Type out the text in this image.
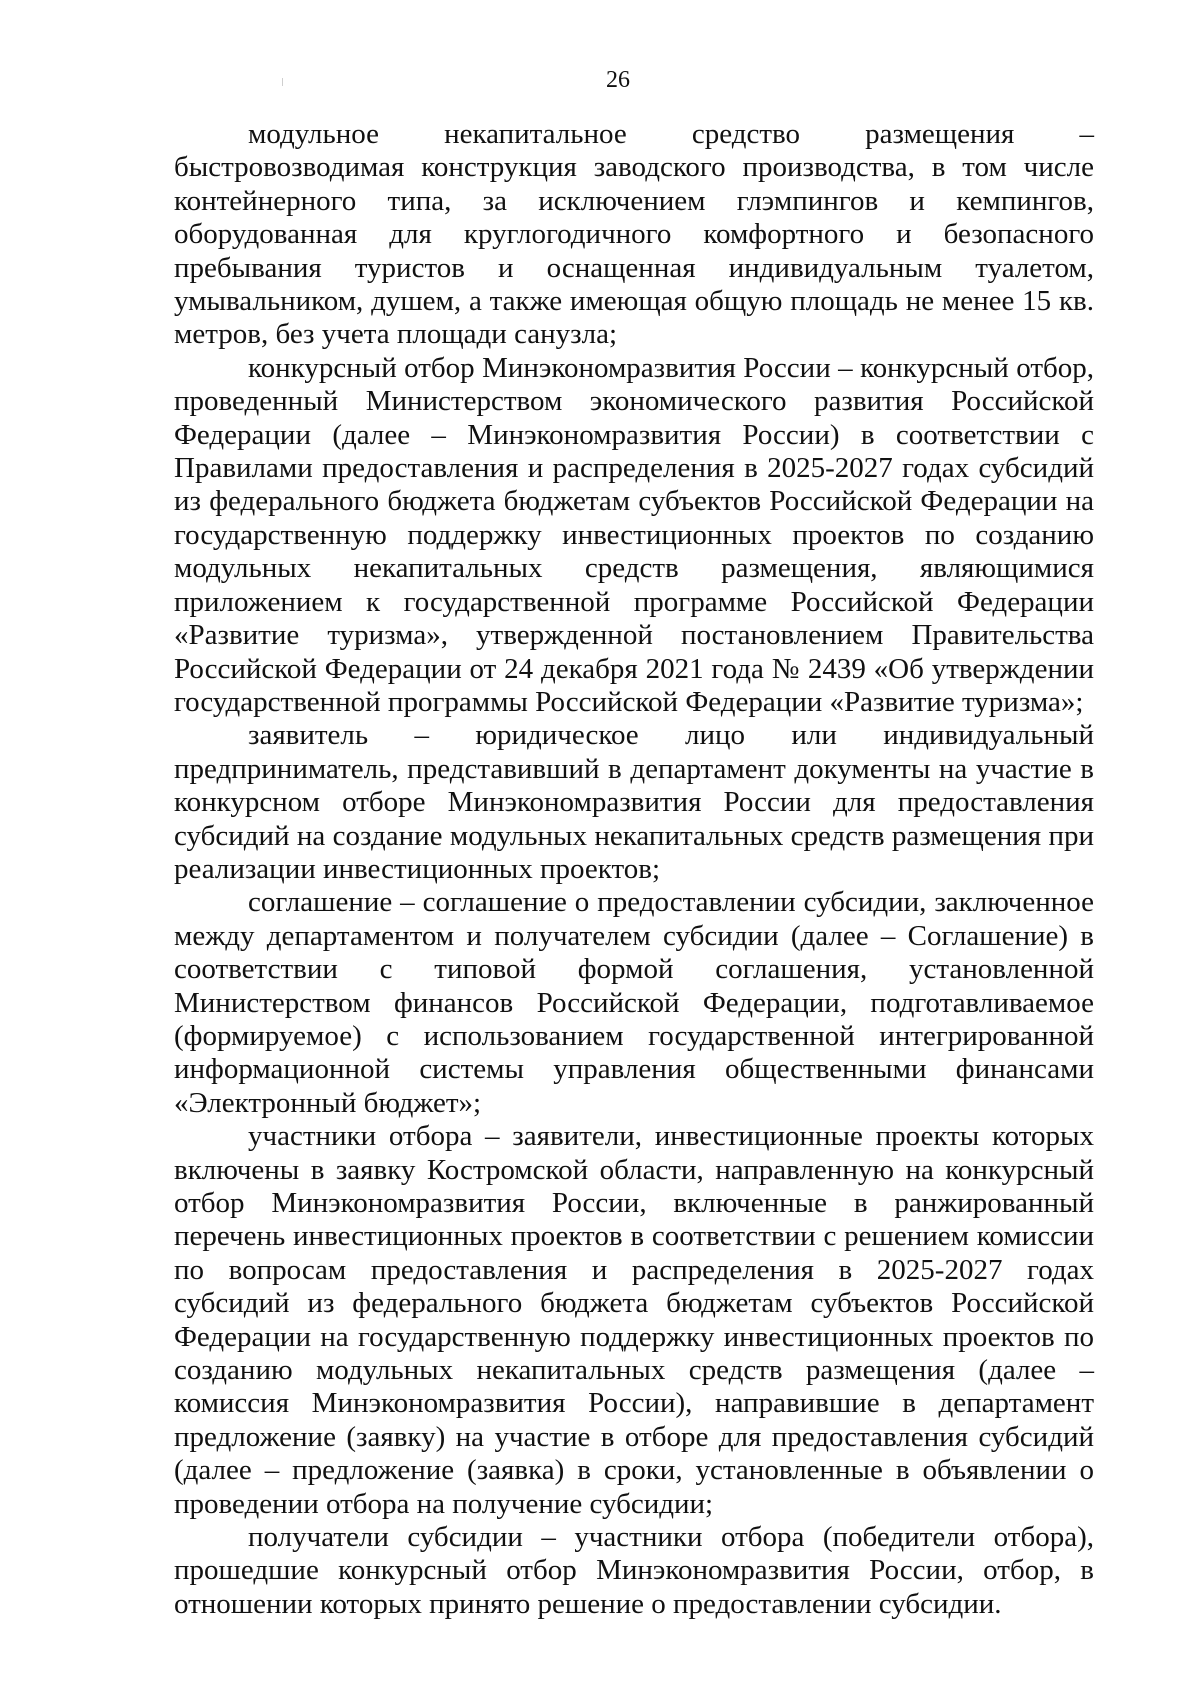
26

модульное некапитальное средство размещения – быстровозводимая конструкция заводского производства, в том числе контейнерного типа, за исключением глэмпингов и кемпингов, оборудованная для круглогодичного комфортного и безопасного пребывания туристов и оснащенная индивидуальным туалетом, умывальником, душем, а также имеющая общую площадь не менее 15 кв. метров, без учета площади санузла;

конкурсный отбор Минэкономразвития России – конкурсный отбор, проведенный Министерством экономического развития Российской Федерации (далее – Минэкономразвития России) в соответствии с Правилами предоставления и распределения в 2025-2027 годах субсидий из федерального бюджета бюджетам субъектов Российской Федерации на государственную поддержку инвестиционных проектов по созданию модульных некапитальных средств размещения, являющимися приложением к государственной программе Российской Федерации «Развитие туризма», утвержденной постановлением Правительства Российской Федерации от 24 декабря 2021 года № 2439 «Об утверждении государственной программы Российской Федерации «Развитие туризма»;

заявитель – юридическое лицо или индивидуальный предприниматель, представивший в департамент документы на участие в конкурсном отборе Минэкономразвития России для предоставления субсидий на создание модульных некапитальных средств размещения при реализации инвестиционных проектов;

соглашение – соглашение о предоставлении субсидии, заключенное между департаментом и получателем субсидии (далее – Соглашение) в соответствии с типовой формой соглашения, установленной Министерством финансов Российской Федерации, подготавливаемое (формируемое) с использованием государственной интегрированной информационной системы управления общественными финансами «Электронный бюджет»;

участники отбора – заявители, инвестиционные проекты которых включены в заявку Костромской области, направленную на конкурсный отбор Минэкономразвития России, включенные в ранжированный перечень инвестиционных проектов в соответствии с решением комиссии по вопросам предоставления и распределения в 2025-2027 годах субсидий из федерального бюджета бюджетам субъектов Российской Федерации на государственную поддержку инвестиционных проектов по созданию модульных некапитальных средств размещения (далее – комиссия Минэкономразвития России), направившие в департамент предложение (заявку) на участие в отборе для предоставления субсидий (далее – предложение (заявка) в сроки, установленные в объявлении о проведении отбора на получение субсидии;

получатели субсидии – участники отбора (победители отбора), прошедшие конкурсный отбор Минэкономразвития России, отбор, в отношении которых принято решение о предоставлении субсидии.
